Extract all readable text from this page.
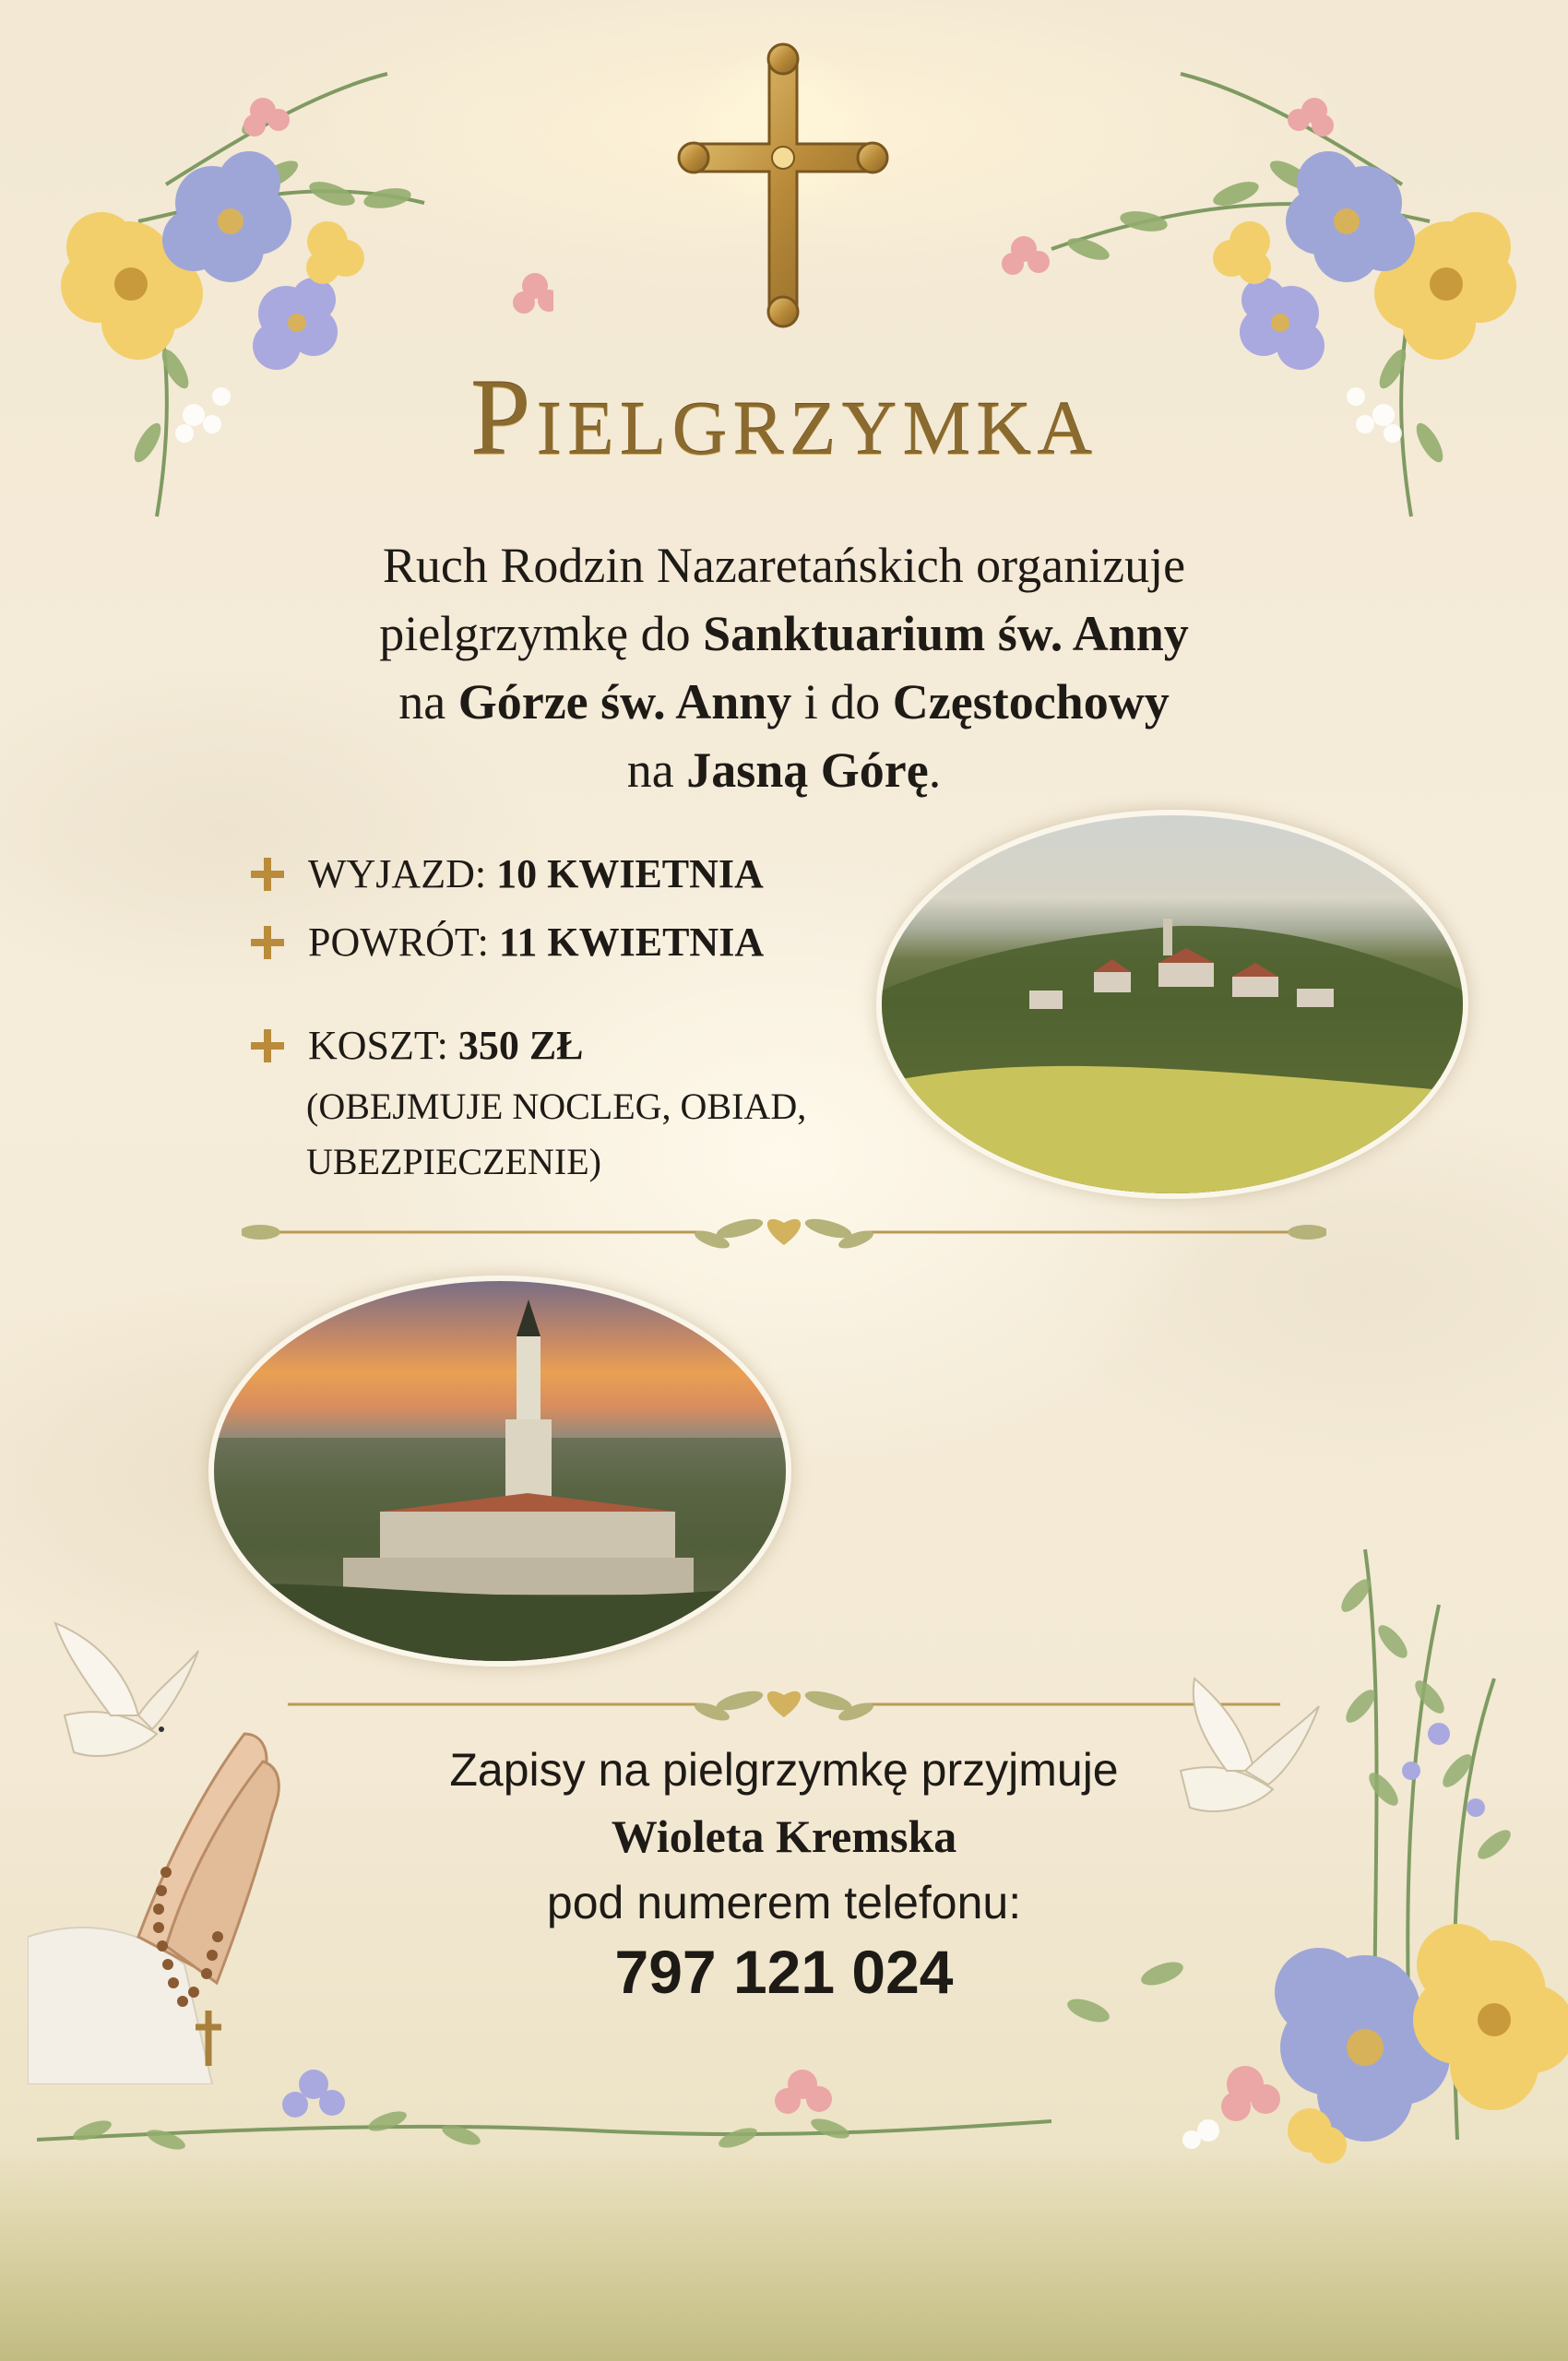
Pielgrzymka
Ruch Rodzin Nazaretańskich organizuje
pielgrzymkę do Sanktuarium św. Anny
na Górze św. Anny i do Częstochowy
na Jasną Górę.
WYJAZD: 10 KWIETNIA
POWRÓT: 11 KWIETNIA
KOSZT: 350 ZŁ
(OBEJMUJE NOCLEG, OBIAD,
UBEZPIECZENIE)
Zapisy na pielgrzymkę przyjmuje
Wioleta Kremska
pod numerem telefonu:
797 121 024
